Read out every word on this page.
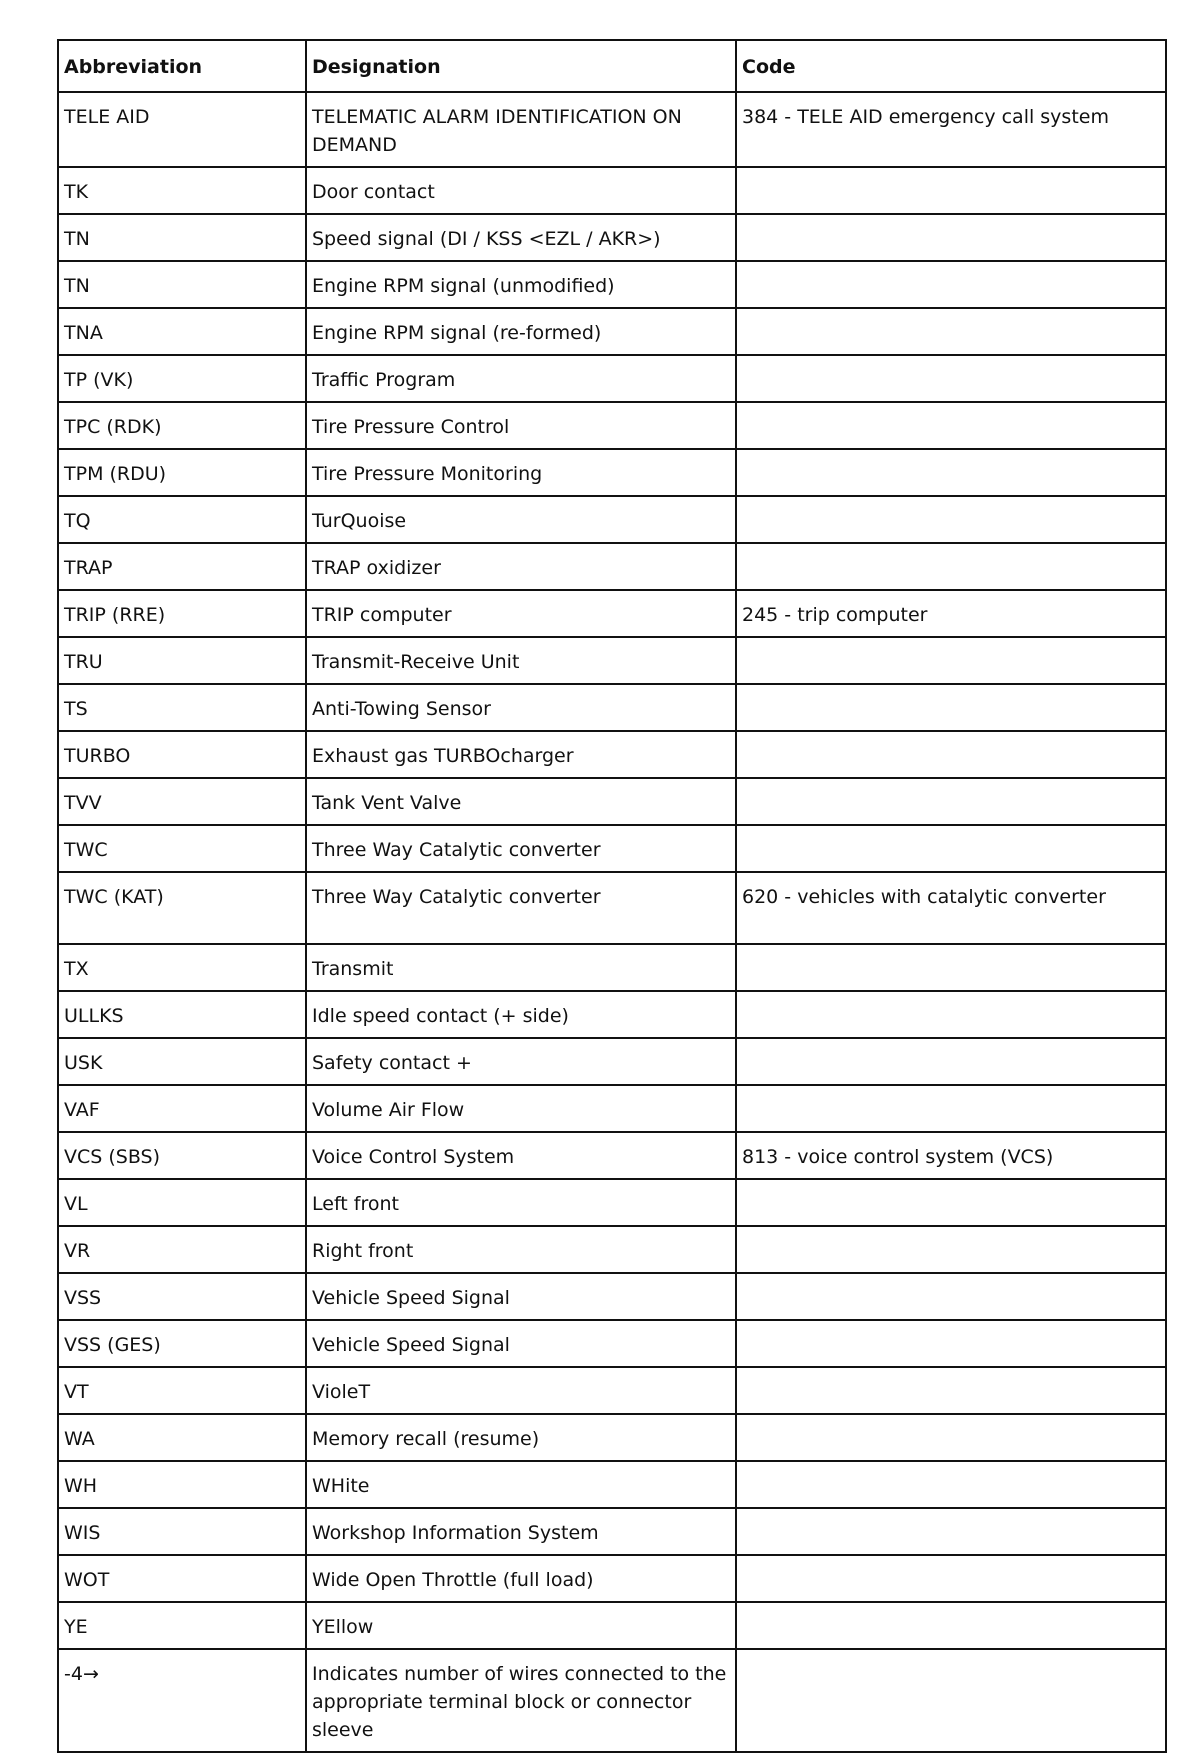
Abbreviation	Designation	Code
TELE AID	TELEMATIC ALARM IDENTIFICATION ON DEMAND	384 - TELE AID emergency call system
TK	Door contact	
TN	Speed signal (DI / KSS <EZL / AKR>)	
TN	Engine RPM signal (unmodified)	
TNA	Engine RPM signal (re-formed)	
TP (VK)	Traffic Program	
TPC (RDK)	Tire Pressure Control	
TPM (RDU)	Tire Pressure Monitoring	
TQ	TurQuoise	
TRAP	TRAP oxidizer	
TRIP (RRE)	TRIP computer	245 - trip computer
TRU	Transmit-Receive Unit	
TS	Anti-Towing Sensor	
TURBO	Exhaust gas TURBOcharger	
TVV	Tank Vent Valve	
TWC	Three Way Catalytic converter	
TWC (KAT)	Three Way Catalytic converter	620 - vehicles with catalytic converter
TX	Transmit	
ULLKS	Idle speed contact (+ side)	
USK	Safety contact +	
VAF	Volume Air Flow	
VCS (SBS)	Voice Control System	813 - voice control system (VCS)
VL	Left front	
VR	Right front	
VSS	Vehicle Speed Signal	
VSS (GES)	Vehicle Speed Signal	
VT	VioleT	
WA	Memory recall (resume)	
WH	WHite	
WIS	Workshop Information System	
WOT	Wide Open Throttle (full load)	
YE	YEllow	
-4→	Indicates number of wires connected to the appropriate terminal block or connector sleeve	
